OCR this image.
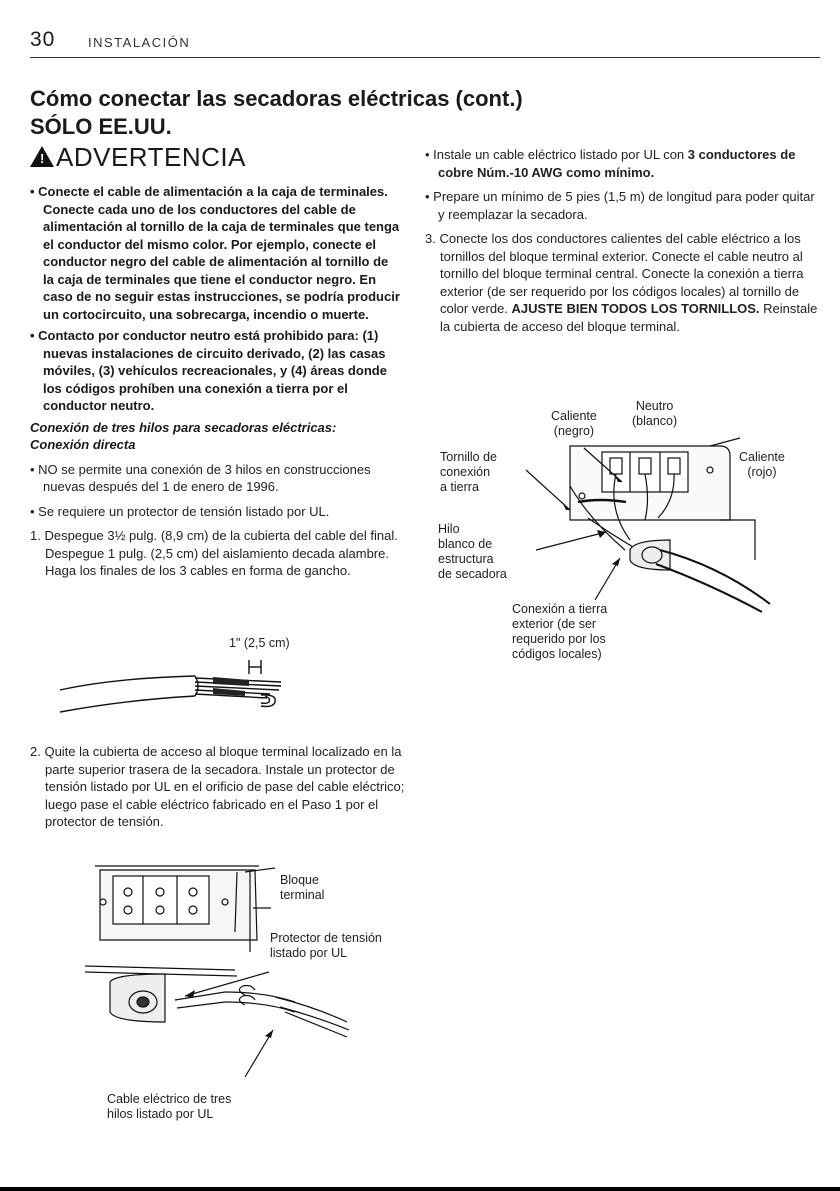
30	INSTALACIÓN
Cómo conectar las secadoras eléctricas (cont.)
SÓLO EE.UU.
!ADVERTENCIA

• Conecte el cable de alimentación a la caja de terminales. Conecte cada uno de los conductores del cable de alimentación al tornillo de la caja de terminales que tenga el conductor del mismo color. Por ejemplo, conecte el conductor negro del cable de alimentación al tornillo de la caja de terminales que tiene el conductor negro. En caso de no seguir estas instrucciones, se podría producir un cortocircuito, una sobrecarga, incendio o muerte.

• Contacto por conductor neutro está prohibido para: (1) nuevas instalaciones de circuito derivado, (2) las casas móviles, (3) vehículos recreacionales, y (4) áreas donde los códigos prohíben una conexión a tierra por el conductor neutro.

Conexión de tres hilos para secadoras eléctricas:

Conexión directa

• NO se permite una conexión de 3 hilos en construcciones nuevas después del 1 de enero de 1996.

• Se requiere un protector de tensión listado por UL.

1. Despegue 3½ pulg. (8,9 cm) de la cubierta del cable del final. Despegue 1 pulg. (2,5 cm) del aislamiento decada alambre. Haga los finales de los 3 cables en forma de gancho.

1" (2,5 cm)

2. Quite la cubierta de acceso al bloque terminal localizado en la parte superior trasera de la secadora. Instale un protector de tensión listado por UL en el orificio de pase del cable eléctrico; luego pase el cable eléctrico fabricado en el Paso 1 por el protector de tensión.

Bloque
terminal
Protector de tensión
listado por UL
Cable eléctrico de tres
hilos listado por UL

• Instale un cable eléctrico listado por UL con 3 conductores de cobre Núm.-10 AWG como mínimo.

• Prepare un mínimo de 5 pies (1,5 m) de longitud para poder quitar y reemplazar la secadora.

3. Conecte los dos conductores calientes del cable eléctrico a los tornillos del bloque terminal exterior. Conecte el cable neutro al tornillo del bloque terminal central. Conecte la conexión a tierra exterior (de ser requerido por los códigos locales) al tornillo de color verde. AJUSTE BIEN TODOS LOS TORNILLOS. Reinstale la cubierta de acceso del bloque terminal.

Neutro
(blanco)
Caliente
(negro)
Caliente
(rojo)
Tornillo de
conexión
a tierra
Hilo
blanco de
estructura
de secadora
Conexión a tierra
exterior (de ser
requerido por los
códigos locales)
